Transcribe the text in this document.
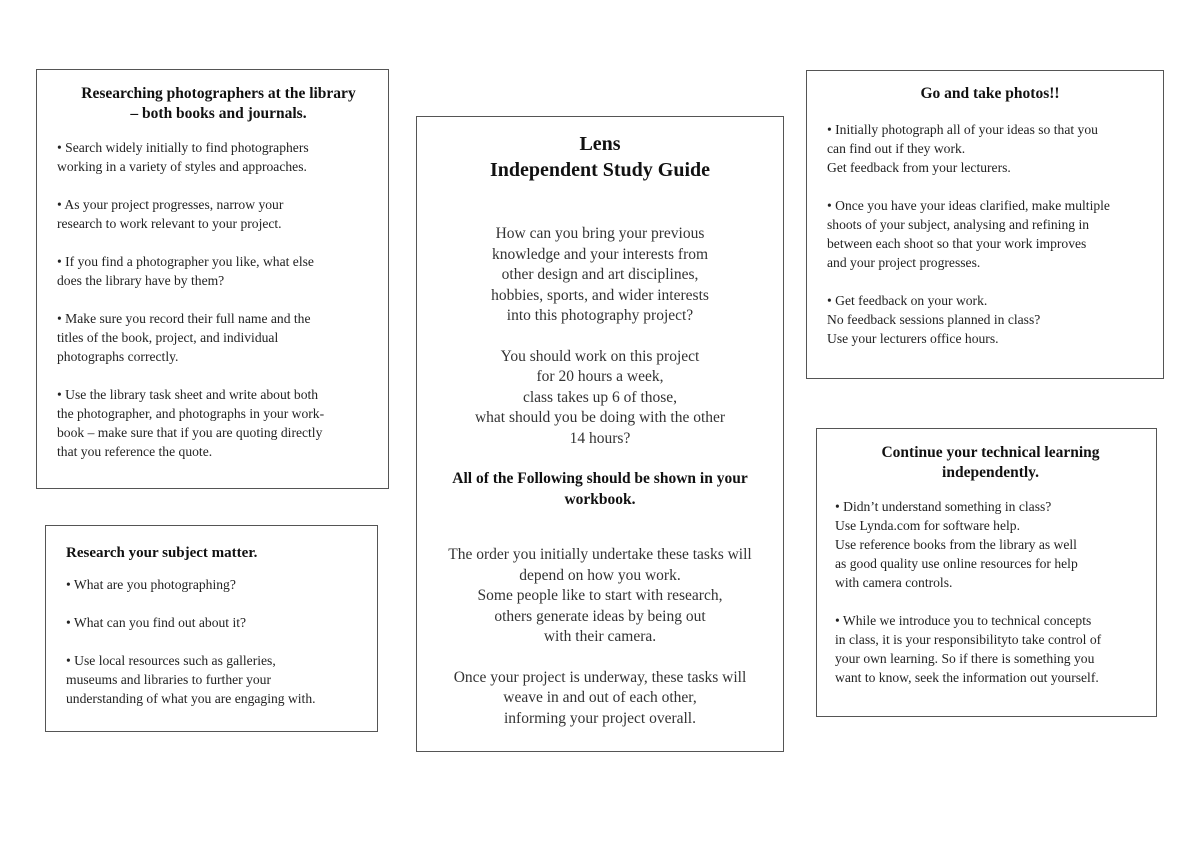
Researching photographers at the library
– both books and journals.

• Search widely initially to find photographers
working in a variety of styles and approaches.

• As your project progresses, narrow your
research to work relevant to your project.

• If you find a photographer you like, what else
does the library have by them?

• Make sure you record their full name and the
titles of the book, project, and individual
photographs correctly.

• Use the library task sheet and write about both
the photographer, and photographs in your work-
book – make sure that if you are quoting directly
that you reference the quote.

Research your subject matter.

• What are you photographing?

• What can you find out about it?

• Use local resources such as galleries,
museums and libraries to further your
understanding of what you are engaging with.

Lens
Independent Study Guide

How can you bring your previous
knowledge and your interests from
other design and art disciplines,
hobbies, sports, and wider interests
into this photography project?

You should work on this project
for 20 hours a week,
class takes up 6 of those,
what should you be doing with the other
14 hours?

All of the Following should be shown in your
workbook.

The order you initially undertake these tasks will
depend on how you work.
Some people like to start with research,
others generate ideas by being out
with their camera.

Once your project is underway, these tasks will
weave in and out of each other,
informing your project overall.

Go and take photos!!

• Initially photograph all of your ideas so that you
can find out if they work.
Get feedback from your lecturers.

• Once you have your ideas clarified, make multiple
shoots of your subject, analysing and refining in
between each shoot so that your work improves
and your project progresses.

• Get feedback on your work.
No feedback sessions planned in class?
Use your lecturers office hours.

Continue your technical learning
independently.

• Didn’t understand something in class?
Use Lynda.com for software help.
Use reference books from the library as well
as good quality use online resources for help
with camera controls.

• While we introduce you to technical concepts
in class, it is your responsibilityto take control of
your own learning. So if there is something you
want to know, seek the information out yourself.
